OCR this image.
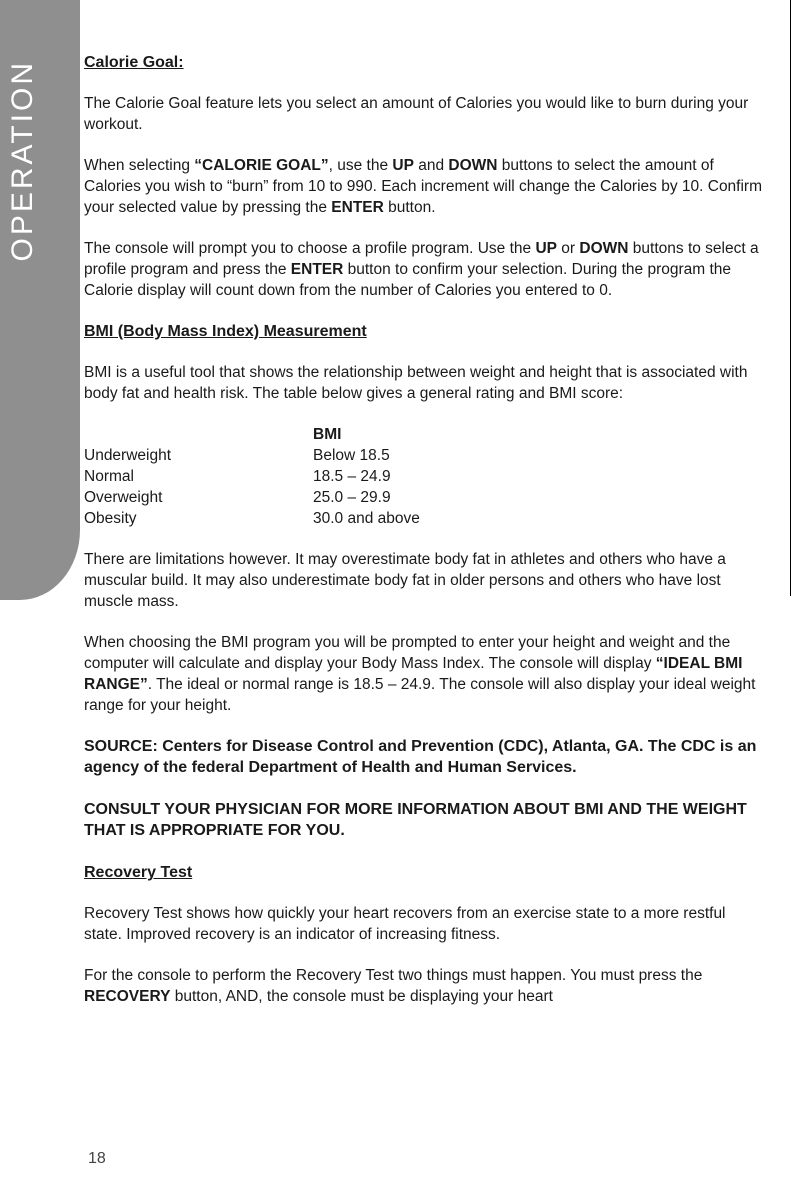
OPERATION	Calorie Goal:

The Calorie Goal feature lets you select an amount of Calories you would like to burn during your workout.

When selecting “CALORIE GOAL”, use the UP and DOWN buttons to select the amount of Calories you wish to “burn” from 10 to 990. Each increment will change the Calories by 10. Confirm your selected value by pressing the ENTER button.

The console will prompt you to choose a profile program. Use the UP or DOWN buttons to select a profile program and press the ENTER button to confirm your selection. During the program the Calorie display will count down from the number of Calories you entered to 0.

BMI (Body Mass Index) Measurement

BMI is a useful tool that shows the relationship between weight and height that is associated with body fat and health risk. The table below gives a general rating and BMI score:

BMI
Underweight	Below 18.5
Normal	18.5 – 24.9
Overweight	25.0 – 29.9
Obesity	30.0 and above

There are limitations however. It may overestimate body fat in athletes and others who have a muscular build. It may also underestimate body fat in older persons and others who have lost muscle mass.

When choosing the BMI program you will be prompted to enter your height and weight and the computer will calculate and display your Body Mass Index. The console will display “IDEAL BMI RANGE”. The ideal or normal range is 18.5 – 24.9. The console will also display your ideal weight range for your height.

SOURCE: Centers for Disease Control and Prevention (CDC), Atlanta, GA. The CDC is an agency of the federal Department of Health and Human Services.
CONSULT YOUR PHYSICIAN FOR MORE INFORMATION ABOUT BMI AND THE WEIGHT THAT IS APPROPRIATE FOR YOU.
Recovery Test

Recovery Test shows how quickly your heart recovers from an exercise state to a more restful state. Improved recovery is an indicator of increasing fitness.

For the console to perform the Recovery Test two things must happen. You must press the RECOVERY button, AND, the console must be displaying your heart

18
